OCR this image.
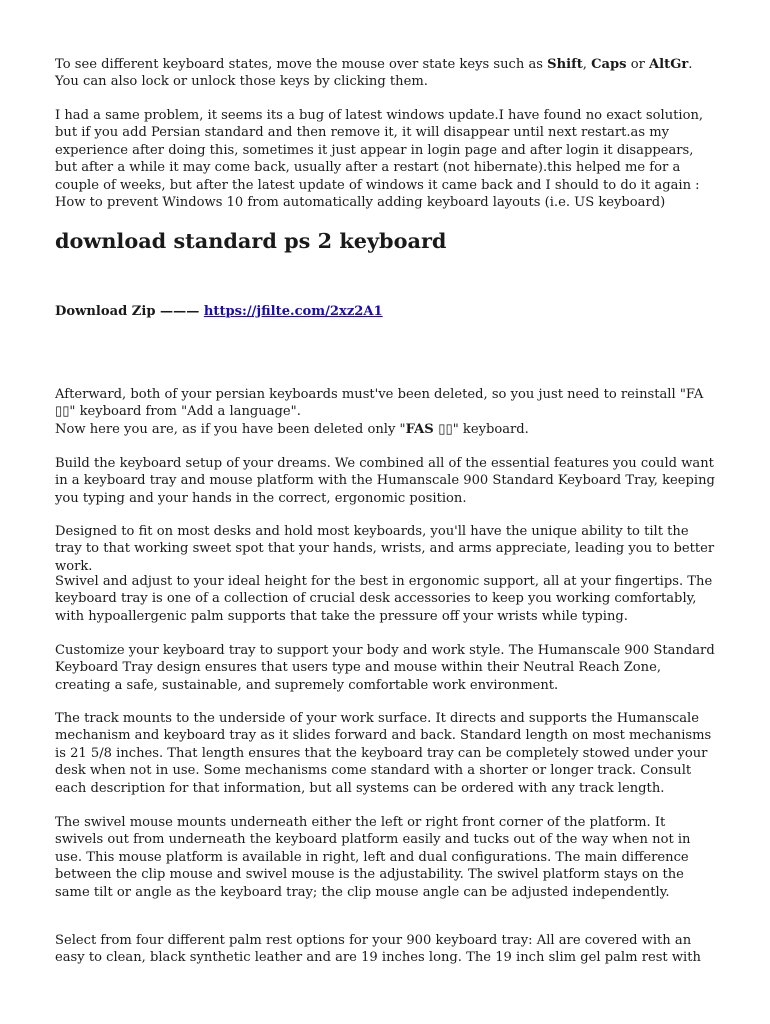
To see different keyboard states, move the mouse over state keys such as Shift, Caps or AltGr. You can also lock or unlock those keys by clicking them.

I had a same problem, it seems its a bug of latest windows update.I have found no exact solution, but if you add Persian standard and then remove it, it will disappear until next restart.as my experience after doing this, sometimes it just appear in login page and after login it disappears, but after a while it may come back, usually after a restart (not hibernate).this helped me for a couple of weeks, but after the latest update of windows it came back and I should to do it again : How to prevent Windows 10 from automatically adding keyboard layouts (i.e. US keyboard)

download standard ps 2 keyboard

Download Zip ——— https://jfilte.com/2xz2A1

Afterward, both of your persian keyboards must've been deleted, so you just need to reinstall "FA ▯▯" keyboard from "Add a language".
Now here you are, as if you have been deleted only "FAS ▯▯" keyboard.

Build the keyboard setup of your dreams. We combined all of the essential features you could want in a keyboard tray and mouse platform with the Humanscale 900 Standard Keyboard Tray, keeping you typing and your hands in the correct, ergonomic position.

Designed to fit on most desks and hold most keyboards, you'll have the unique ability to tilt the tray to that working sweet spot that your hands, wrists, and arms appreciate, leading you to better work.

Swivel and adjust to your ideal height for the best in ergonomic support, all at your fingertips. The keyboard tray is one of a collection of crucial desk accessories to keep you working comfortably, with hypoallergenic palm supports that take the pressure off your wrists while typing.

Customize your keyboard tray to support your body and work style. The Humanscale 900 Standard Keyboard Tray design ensures that users type and mouse within their Neutral Reach Zone, creating a safe, sustainable, and supremely comfortable work environment.

The track mounts to the underside of your work surface. It directs and supports the Humanscale mechanism and keyboard tray as it slides forward and back. Standard length on most mechanisms is 21 5/8 inches. That length ensures that the keyboard tray can be completely stowed under your desk when not in use. Some mechanisms come standard with a shorter or longer track. Consult each description for that information, but all systems can be ordered with any track length.

The swivel mouse mounts underneath either the left or right front corner of the platform. It swivels out from underneath the keyboard platform easily and tucks out of the way when not in use. This mouse platform is available in right, left and dual configurations. The main difference between the clip mouse and swivel mouse is the adjustability. The swivel platform stays on the same tilt or angle as the keyboard tray; the clip mouse angle can be adjusted independently.

Select from four different palm rest options for your 900 keyboard tray: All are covered with an easy to clean, black synthetic leather and are 19 inches long. The 19 inch slim gel palm rest with
